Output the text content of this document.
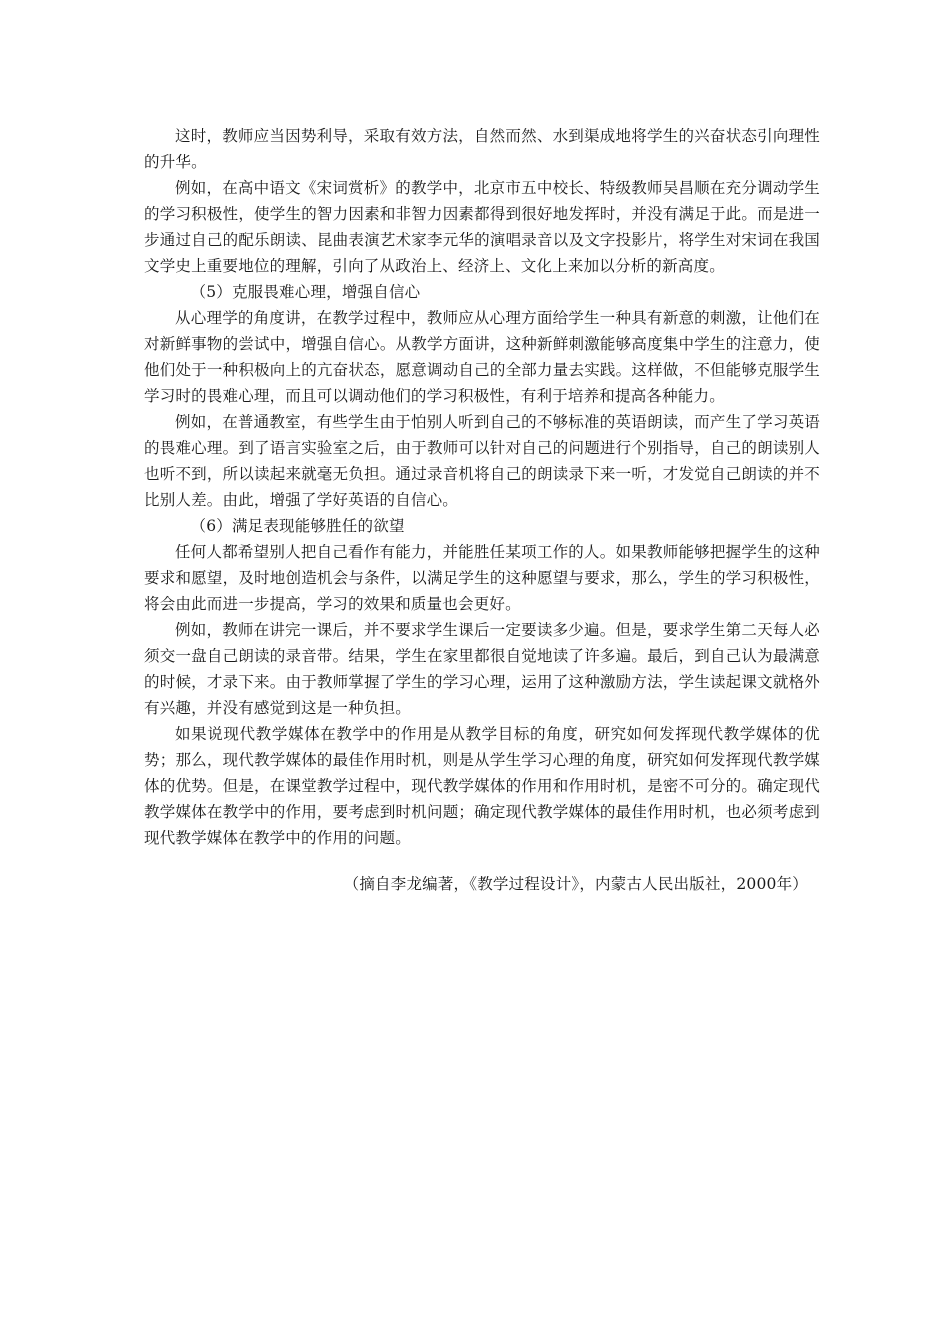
这时，教师应当因势利导，采取有效方法，自然而然、水到渠成地将学生的兴奋状态引向理性的升华。

例如，在高中语文《宋词赏析》的教学中，北京市五中校长、特级教师吴昌顺在充分调动学生的学习积极性，使学生的智力因素和非智力因素都得到很好地发挥时，并没有满足于此。而是进一步通过自己的配乐朗读、昆曲表演艺术家李元华的演唱录音以及文字投影片，将学生对宋词在我国文学史上重要地位的理解，引向了从政治上、经济上、文化上来加以分析的新高度。

（5）克服畏难心理，增强自信心

从心理学的角度讲，在教学过程中，教师应从心理方面给学生一种具有新意的刺激，让他们在对新鲜事物的尝试中，增强自信心。从教学方面讲，这种新鲜刺激能够高度集中学生的注意力，使他们处于一种积极向上的亢奋状态，愿意调动自己的全部力量去实践。这样做，不但能够克服学生学习时的畏难心理，而且可以调动他们的学习积极性，有利于培养和提高各种能力。

例如，在普通教室，有些学生由于怕别人听到自己的不够标准的英语朗读，而产生了学习英语的畏难心理。到了语言实验室之后，由于教师可以针对自己的问题进行个别指导，自己的朗读别人也听不到，所以读起来就毫无负担。通过录音机将自己的朗读录下来一听，才发觉自己朗读的并不比别人差。由此，增强了学好英语的自信心。

（6）满足表现能够胜任的欲望

任何人都希望别人把自己看作有能力，并能胜任某项工作的人。如果教师能够把握学生的这种要求和愿望，及时地创造机会与条件，以满足学生的这种愿望与要求，那么，学生的学习积极性，将会由此而进一步提高，学习的效果和质量也会更好。

例如，教师在讲完一课后，并不要求学生课后一定要读多少遍。但是，要求学生第二天每人必须交一盘自己朗读的录音带。结果，学生在家里都很自觉地读了许多遍。最后，到自己认为最满意的时候，才录下来。由于教师掌握了学生的学习心理，运用了这种激励方法，学生读起课文就格外有兴趣，并没有感觉到这是一种负担。

如果说现代教学媒体在教学中的作用是从教学目标的角度，研究如何发挥现代教学媒体的优势；那么，现代教学媒体的最佳作用时机，则是从学生学习心理的角度，研究如何发挥现代教学媒体的优势。但是，在课堂教学过程中，现代教学媒体的作用和作用时机，是密不可分的。确定现代教学媒体在教学中的作用，要考虑到时机问题；确定现代教学媒体的最佳作用时机，也必须考虑到现代教学媒体在教学中的作用的问题。

（摘自李龙编著，《教学过程设计》，内蒙古人民出版社，2000年）
